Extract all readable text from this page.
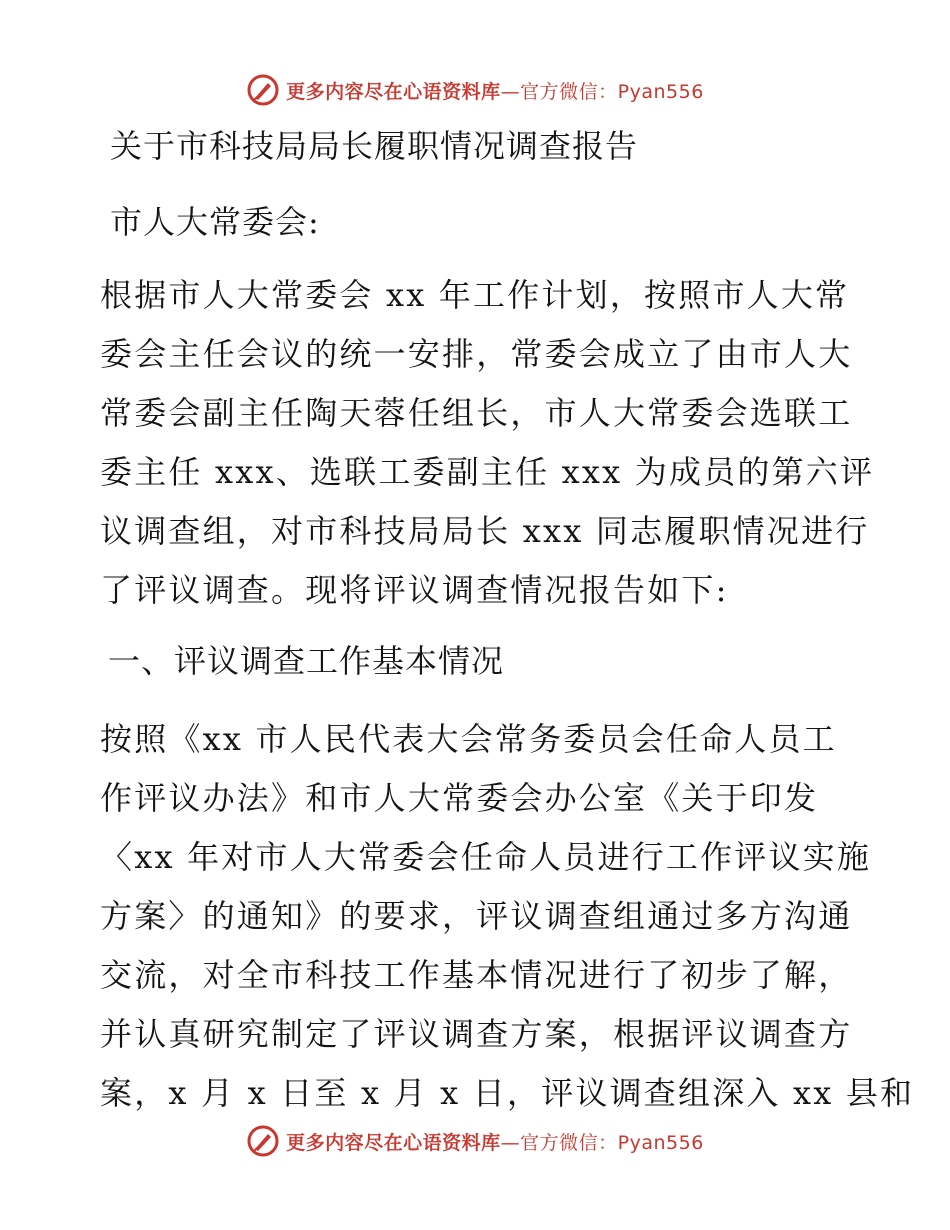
更多内容尽在心语资料库—官方微信：Pyan556
关于市科技局局长履职情况调查报告
市人大常委会:
根据市人大常委会 xx 年工作计划，按照市人大常
委会主任会议的统一安排，常委会成立了由市人大
常委会副主任陶天蓉任组长，市人大常委会选联工
委主任 xxx、选联工委副主任 xxx 为成员的第六评
议调查组，对市科技局局长 xxx 同志履职情况进行
了评议调查。现将评议调查情况报告如下:
一、评议调查工作基本情况
按照《xx 市人民代表大会常务委员会任命人员工
作评议办法》和市人大常委会办公室《关于印发
〈xx 年对市人大常委会任命人员进行工作评议实施
方案〉的通知》的要求，评议调查组通过多方沟通
交流，对全市科技工作基本情况进行了初步了解，
并认真研究制定了评议调查方案，根据评议调查方
案，x 月 x 日至 x 月 x 日，评议调查组深入 xx 县和
更多内容尽在心语资料库—官方微信：Pyan556
